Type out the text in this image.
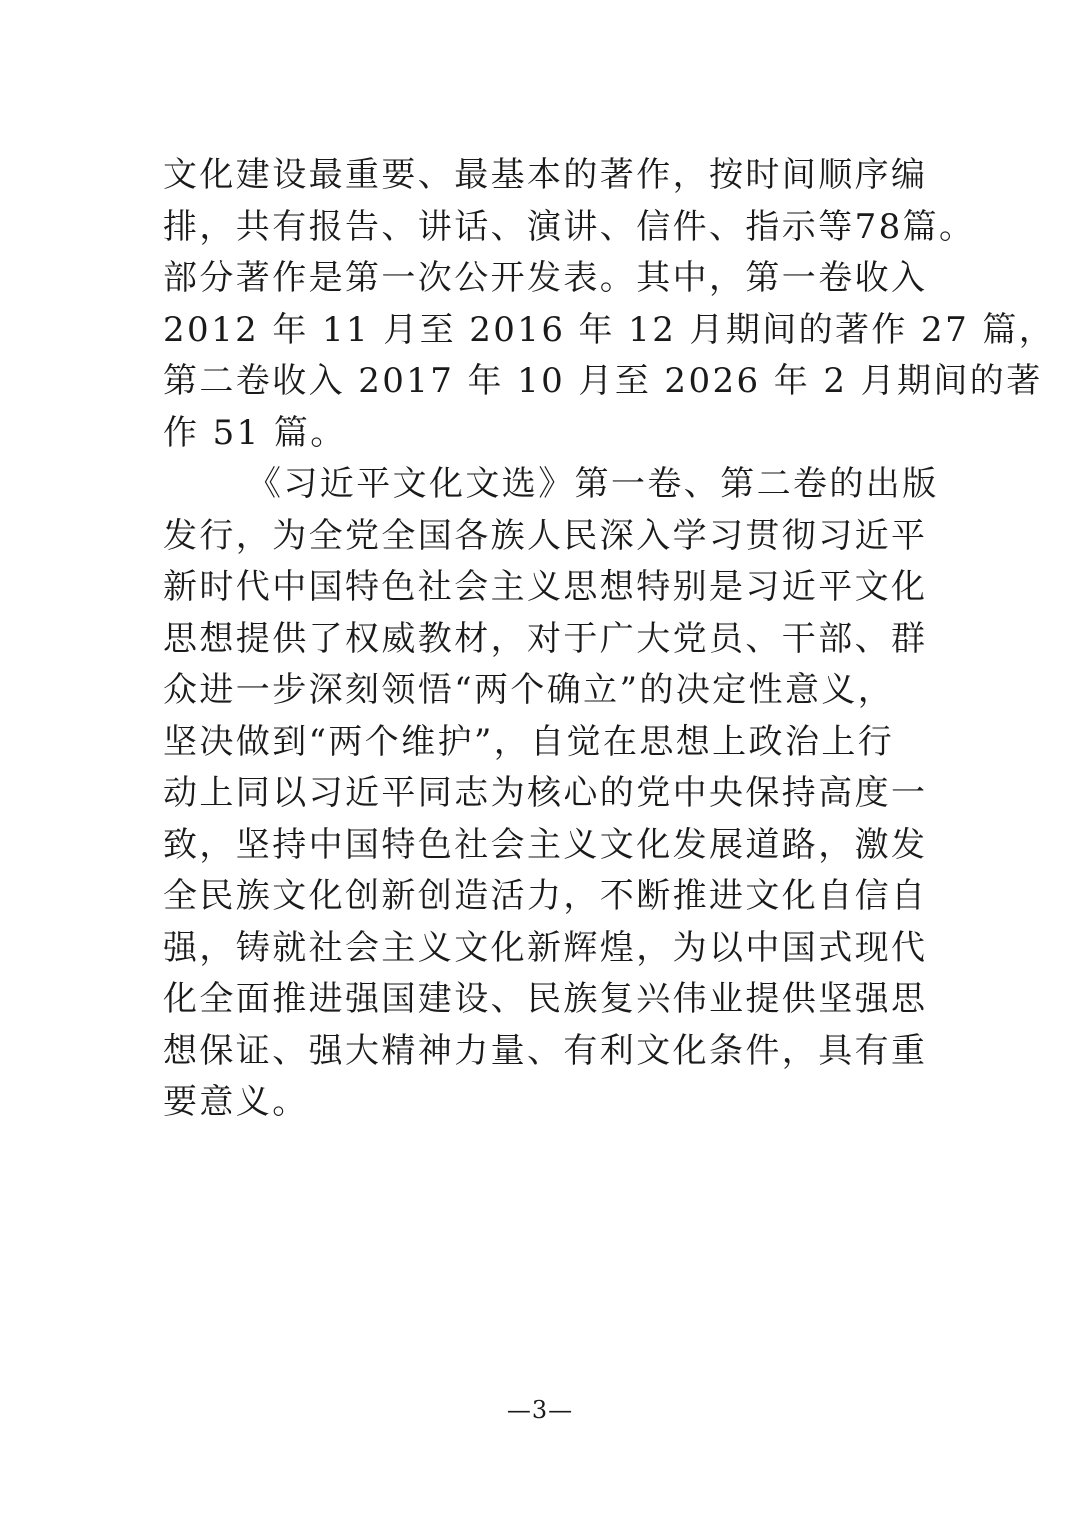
文化建设最重要、最基本的著作，按时间顺序编
排，共有报告、讲话、演讲、信件、指示等78篇。
部分著作是第一次公开发表。其中，第一卷收入
2012 年 11 月至 2016 年 12 月期间的著作 27 篇，
第二卷收入 2017 年 10 月至 2026 年 2 月期间的著
作 51 篇。
《习近平文化文选》第一卷、第二卷的出版
发行，为全党全国各族人民深入学习贯彻习近平
新时代中国特色社会主义思想特别是习近平文化
思想提供了权威教材，对于广大党员、干部、群
众进一步深刻领悟“两个确立”的决定性意义，
坚决做到“两个维护”，自觉在思想上政治上行
动上同以习近平同志为核心的党中央保持高度一
致，坚持中国特色社会主义文化发展道路，激发
全民族文化创新创造活力，不断推进文化自信自
强，铸就社会主义文化新辉煌，为以中国式现代
化全面推进强国建设、民族复兴伟业提供坚强思
想保证、强大精神力量、有利文化条件，具有重
要意义。
—3—
